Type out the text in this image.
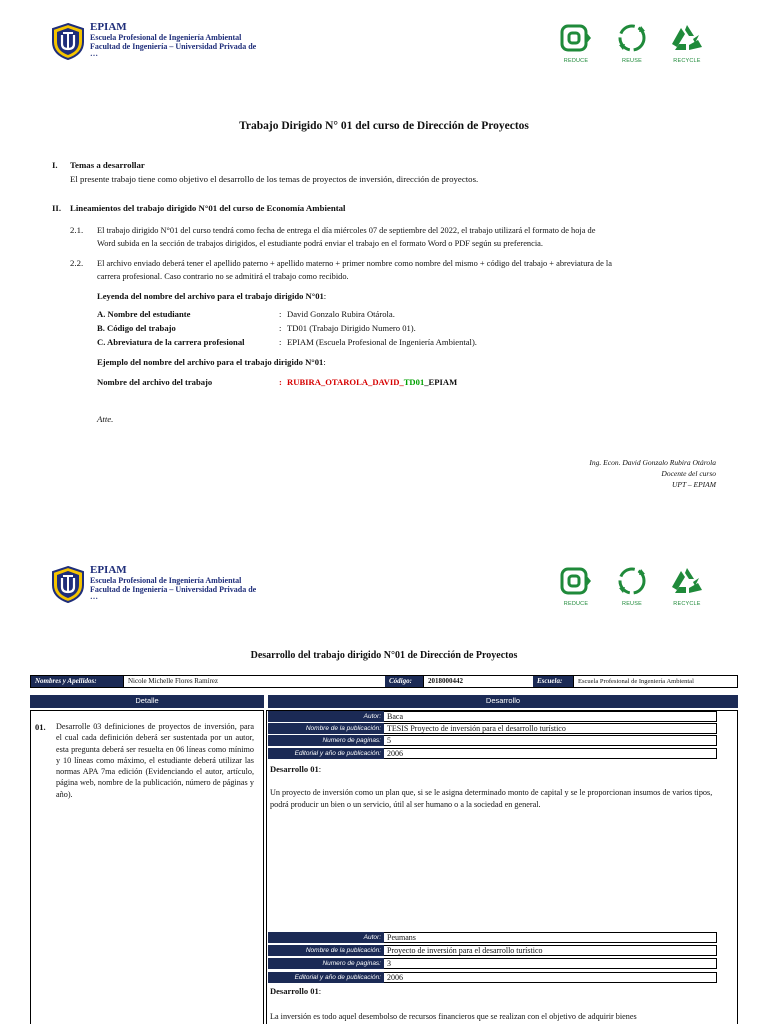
EPIAM
Escuela Profesional de Ingeniería Ambiental
Facultad de Ingeniería – Universidad Privada de
…
REDUCE	REUSE	RECYCLE
Trabajo Dirigido N° 01 del curso de Dirección de Proyectos
I. Temas a desarrollar
El presente trabajo tiene como objetivo el desarrollo de los temas de proyectos de inversión, dirección de proyectos.
II. Lineamientos del trabajo dirigido N°01 del curso de Economía Ambiental
2.1. El trabajo dirigido N°01 del curso tendrá como fecha de entrega el día miércoles 07 de septiembre del 2022, el trabajo utilizará el formato de hoja de
Word subida en la sección de trabajos dirigidos, el estudiante podrá enviar el trabajo en el formato Word o PDF según su preferencia.
2.2. El archivo enviado deberá tener el apellido paterno + apellido materno + primer nombre como nombre del mismo + código del trabajo + abreviatura de la
carrera profesional. Caso contrario no se admitirá el trabajo como recibido.
Leyenda del nombre del archivo para el trabajo dirigido N°01:
A. Nombre del estudiante	: David Gonzalo Rubira Otárola.
B. Código del trabajo	: TD01 (Trabajo Dirigido Numero 01).
C. Abreviatura de la carrera profesional	: EPIAM (Escuela Profesional de Ingeniería Ambiental).
Ejemplo del nombre del archivo para el trabajo dirigido N°01:
Nombre del archivo del trabajo	: RUBIRA_OTAROLA_DAVID_TD01_EPIAM
Atte.
Ing. Econ. David Gonzalo Rubira Otárola
Docente del curso
UPT – EPIAM
EPIAM
Escuela Profesional de Ingeniería Ambiental
Facultad de Ingeniería – Universidad Privada de
…
REDUCE	REUSE	RECYCLE
Desarrollo del trabajo dirigido N°01 de Dirección de Proyectos
Nombres y Apellidos:	Nicole Michelle Flores Ramírez	Código:	2018000442	Escuela:	Escuela Profesional de Ingeniería Ambiental
Detalle	Desarrollo
01. Desarrolle 03 definiciones de proyectos de inversión, para el cual cada definición deberá ser sustentada por un autor, esta pregunta deberá ser resuelta en 06 líneas como mínimo y 10 líneas como máximo, el estudiante deberá utilizar las normas APA 7ma edición (Evidenciando el autor, artículo, página web, nombre de la publicación, número de páginas y año).
Autor: Baca
Nombre de la publicación: TESIS Proyecto de inversión para el desarrollo turístico
Numero de paginas: 5
Editorial y año de publicación: 2006
Desarrollo 01:
Un proyecto de inversión como un plan que, si se le asigna determinado monto de capital y se le proporcionan insumos de varios tipos, podrá producir un bien o un servicio, útil al ser humano o a la sociedad en general.
Autor: Peumans
Nombre de la publicación: Proyecto de inversión para el desarrollo turístico
Numero de paginas: 3
Editorial y año de publicación: 2006
Desarrollo 01:
La inversión es todo aquel desembolso de recursos financieros que se realizan con el objetivo de adquirir bienes
